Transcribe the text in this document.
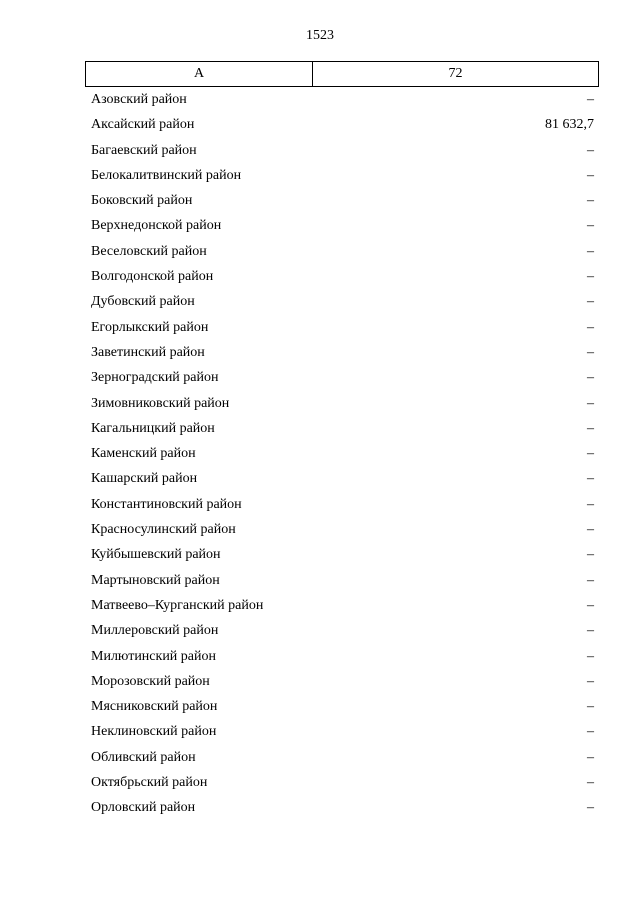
1523
А	72
Азовский район	–
Аксайский район	81 632,7
Багаевский район	–
Белокалитвинский район	–
Боковский район	–
Верхнедонской район	–
Веселовский район	–
Волгодонской район	–
Дубовский район	–
Егорлыкский район	–
Заветинский район	–
Зерноградский район	–
Зимовниковский район	–
Кагальницкий район	–
Каменский район	–
Кашарский район	–
Константиновский район	–
Красносулинский район	–
Куйбышевский район	–
Мартыновский район	–
Матвеево–Курганский район	–
Миллеровский район	–
Милютинский район	–
Морозовский район	–
Мясниковский район	–
Неклиновский район	–
Обливский район	–
Октябрьский район	–
Орловский район	–
